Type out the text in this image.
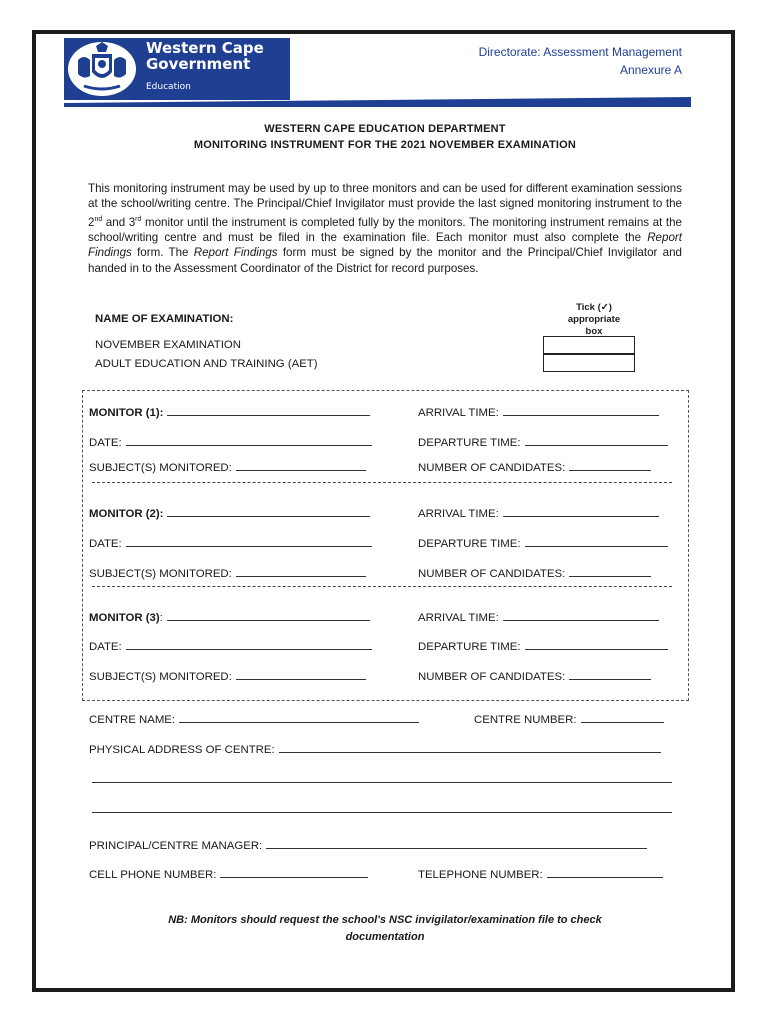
Western Cape
Government
Education
Directorate: Assessment Management
Annexure A
WESTERN CAPE EDUCATION DEPARTMENT
MONITORING INSTRUMENT FOR THE 2021 NOVEMBER EXAMINATION
This monitoring instrument may be used by up to three monitors and can be used for different examination sessions at the school/writing centre. The Principal/Chief Invigilator must provide the last signed monitoring instrument to the 2nd and 3rd monitor until the instrument is completed fully by the monitors. The monitoring instrument remains at the school/writing centre and must be filed in the examination file. Each monitor must also complete the Report Findings form. The Report Findings form must be signed by the monitor and the Principal/Chief Invigilator and handed in to the Assessment Coordinator of the District for record purposes.
Tick (✓)
appropriate
box
NAME OF EXAMINATION:
NOVEMBER EXAMINATION
ADULT EDUCATION AND TRAINING (AET)
MONITOR (1):	ARRIVAL TIME:
DATE:	DEPARTURE TIME:
SUBJECT(S) MONITORED:	NUMBER OF CANDIDATES:
MONITOR (2):	ARRIVAL TIME:
DATE:	DEPARTURE TIME:
SUBJECT(S) MONITORED:	NUMBER OF CANDIDATES:
MONITOR (3):	ARRIVAL TIME:
DATE:	DEPARTURE TIME:
SUBJECT(S) MONITORED:	NUMBER OF CANDIDATES:
CENTRE NAME:	CENTRE NUMBER:
PHYSICAL ADDRESS OF CENTRE:
PRINCIPAL/CENTRE MANAGER:
CELL PHONE NUMBER:	TELEPHONE NUMBER:
NB: Monitors should request the school's NSC invigilator/examination file to check
documentation
